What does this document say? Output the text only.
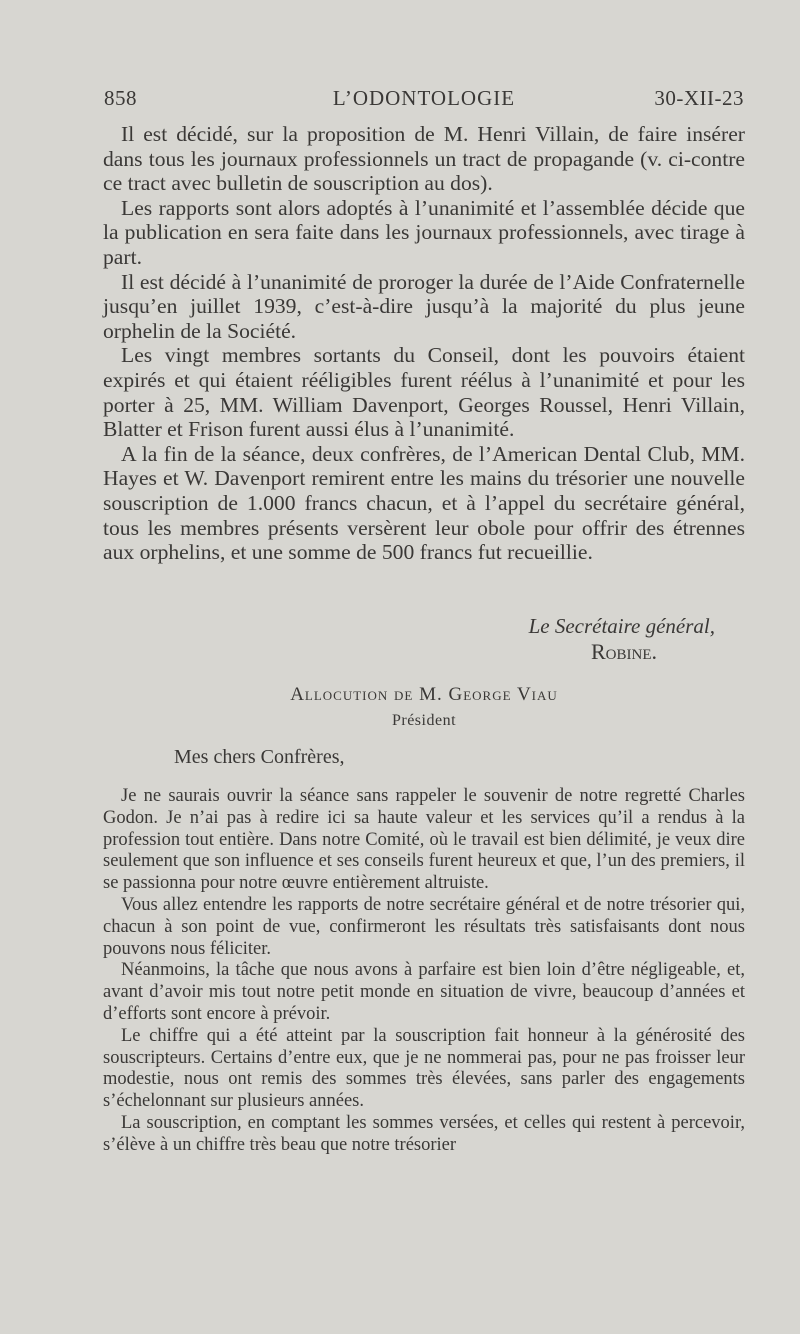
858	L’ODONTOLOGIE	30-XII-23

Il est décidé, sur la proposition de M. Henri Villain, de faire insérer dans tous les journaux professionnels un tract de propagande (v. ci-contre ce tract avec bulletin de souscription au dos).

Les rapports sont alors adoptés à l’unanimité et l’assemblée décide que la publication en sera faite dans les journaux professionnels, avec tirage à part.

Il est décidé à l’unanimité de proroger la durée de l’Aide Confraternelle jusqu’en juillet 1939, c’est-à-dire jusqu’à la majorité du plus jeune orphelin de la Société.

Les vingt membres sortants du Conseil, dont les pouvoirs étaient expirés et qui étaient rééligibles furent réélus à l’unanimité et pour les porter à 25, MM. William Davenport, Georges Roussel, Henri Villain, Blatter et Frison furent aussi élus à l’unanimité.

A la fin de la séance, deux confrères, de l’American Dental Club, MM. Hayes et W. Davenport remirent entre les mains du trésorier une nouvelle souscription de 1.000 francs chacun, et à l’appel du secrétaire général, tous les membres présents versèrent leur obole pour offrir des étrennes aux orphelins, et une somme de 500 francs fut recueillie.

Le Secrétaire général,
Robine.
Allocution de M. George Viau
Président
Mes chers Confrères,

Je ne saurais ouvrir la séance sans rappeler le souvenir de notre regretté Charles Godon. Je n’ai pas à redire ici sa haute valeur et les services qu’il a rendus à la profession tout entière. Dans notre Comité, où le travail est bien délimité, je veux dire seulement que son influence et ses conseils furent heureux et que, l’un des premiers, il se passionna pour notre œuvre entièrement altruiste.

Vous allez entendre les rapports de notre secrétaire général et de notre trésorier qui, chacun à son point de vue, confirmeront les résultats très satisfaisants dont nous pouvons nous féliciter.

Néanmoins, la tâche que nous avons à parfaire est bien loin d’être négligeable, et, avant d’avoir mis tout notre petit monde en situation de vivre, beaucoup d’années et d’efforts sont encore à prévoir.

Le chiffre qui a été atteint par la souscription fait honneur à la générosité des souscripteurs. Certains d’entre eux, que je ne nommerai pas, pour ne pas froisser leur modestie, nous ont remis des sommes très élevées, sans parler des engagements s’échelonnant sur plusieurs années.

La souscription, en comptant les sommes versées, et celles qui restent à percevoir, s’élève à un chiffre très beau que notre trésorier
